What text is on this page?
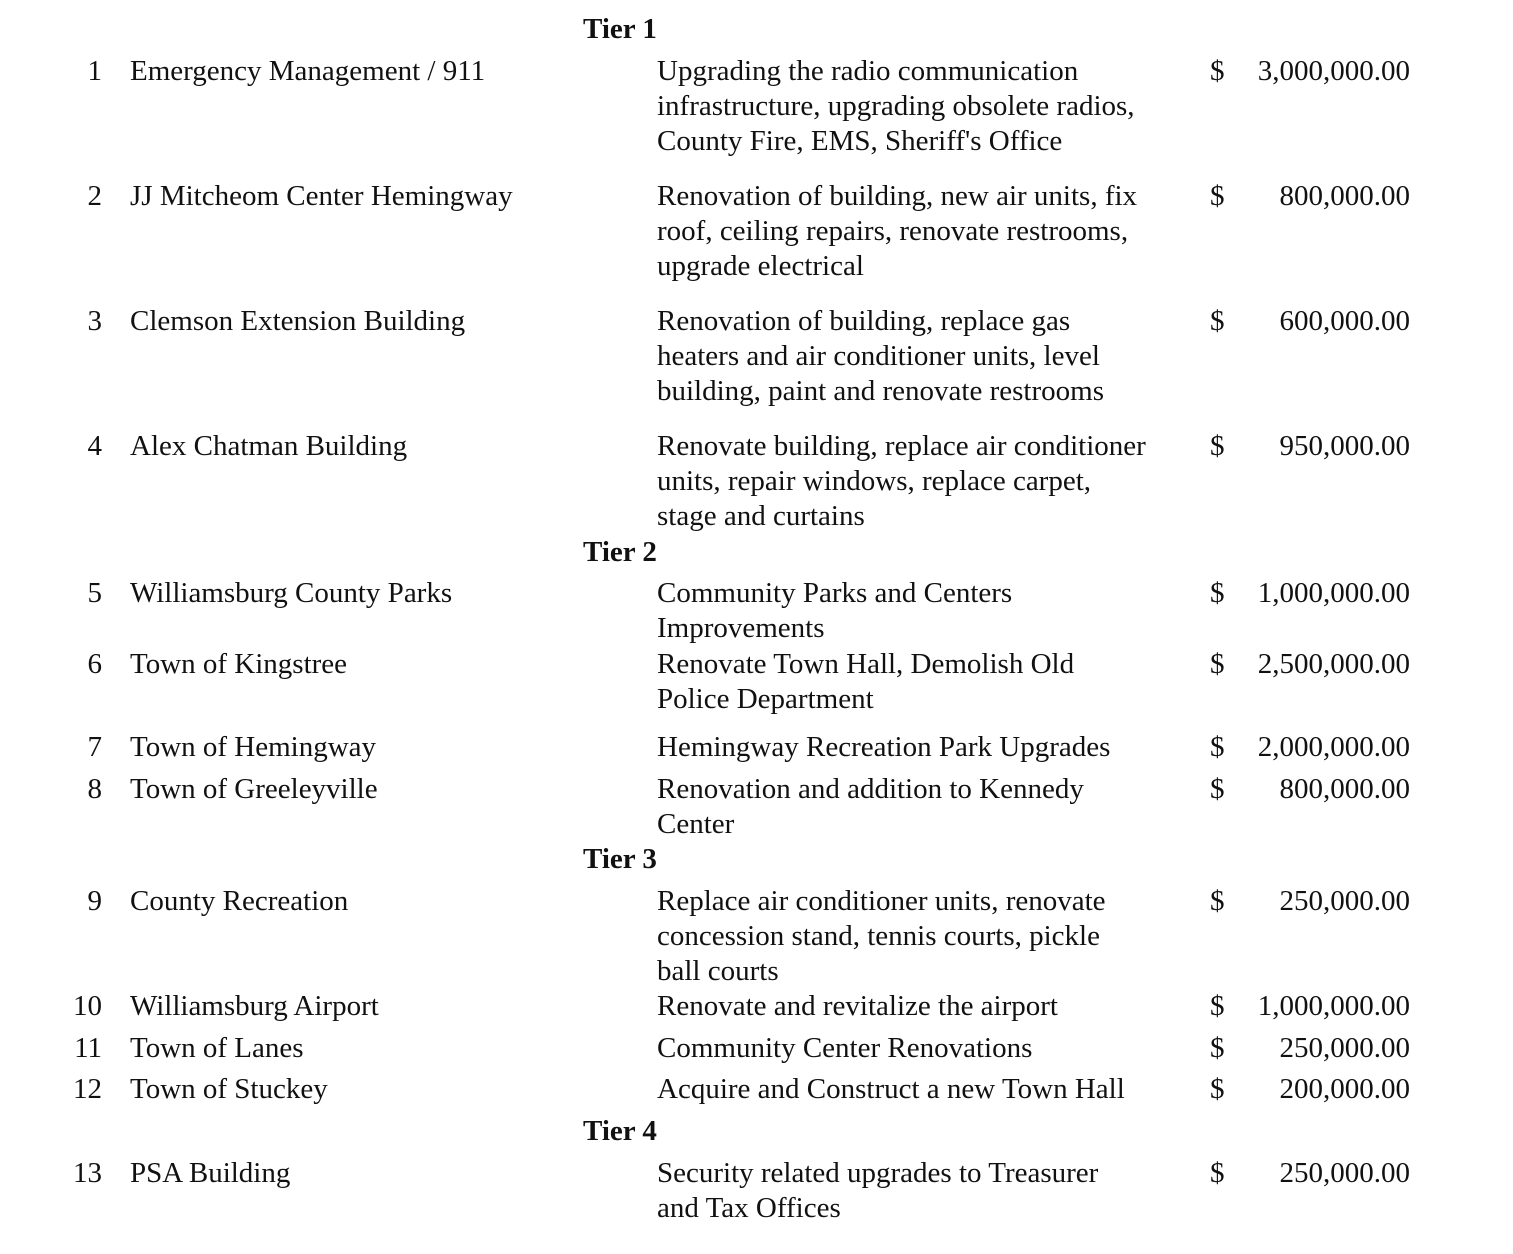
Tier 1
1 Emergency Management / 911	Upgrading the radio communication
infrastructure, upgrading obsolete radios,
County Fire, EMS, Sheriff's Office
$	3,000,000.00
2 JJ Mitcheom Center Hemingway	Renovation of building, new air units, fix
roof, ceiling repairs, renovate restrooms,
upgrade electrical
$	800,000.00
3 Clemson Extension Building	Renovation of building, replace gas
heaters and air conditioner units, level
building, paint and renovate restrooms
$	600,000.00
4 Alex Chatman Building	Renovate building, replace air conditioner
units, repair windows, replace carpet,
stage and curtains
$	950,000.00
Tier 2
5 Williamsburg County Parks	Community Parks and Centers
Improvements
$	1,000,000.00
6 Town of Kingstree	Renovate Town Hall, Demolish Old
Police Department
$	2,500,000.00
7 Town of Hemingway	Hemingway Recreation Park Upgrades	$	2,000,000.00
8 Town of Greeleyville	Renovation and addition to Kennedy
Center
$	800,000.00
Tier 3
9 County Recreation	Replace air conditioner units, renovate
concession stand, tennis courts, pickle
ball courts
$	250,000.00
10 Williamsburg Airport	Renovate and revitalize the airport	$	1,000,000.00
11 Town of Lanes	Community Center Renovations	$	250,000.00
12 Town of Stuckey	Acquire and Construct a new Town Hall	$	200,000.00
Tier 4
13 PSA Building	Security related upgrades to Treasurer
and Tax Offices
$	250,000.00
